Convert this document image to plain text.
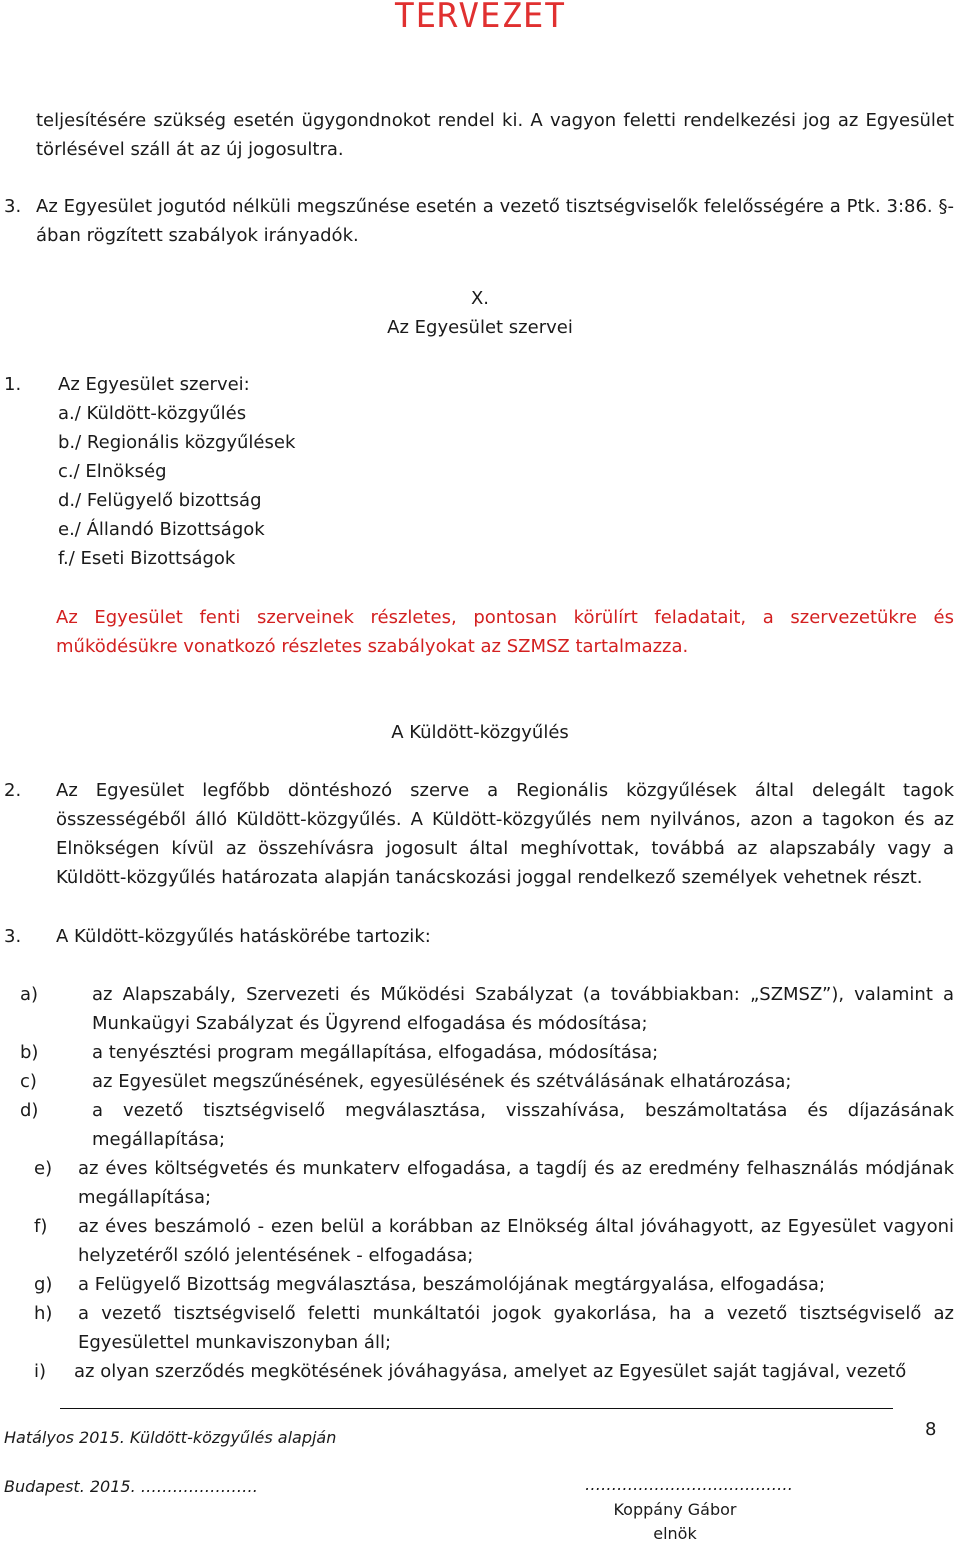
TERVEZET
teljesítésére szükség esetén ügygondnokot rendel ki. A vagyon feletti rendelkezési jog az Egyesület törlésével száll át az új jogosultra.
3. Az Egyesület jogutód nélküli megszűnése esetén a vezető tisztségviselők felelősségére a Ptk. 3:86. §-ában rögzített szabályok irányadók.
X.
Az Egyesület szervei
1. Az Egyesület szervei:
a./ Küldött-közgyűlés
b./ Regionális közgyűlések
c./ Elnökség
d./ Felügyelő bizottság
e./ Állandó Bizottságok
f./ Eseti Bizottságok
Az Egyesület fenti szerveinek részletes, pontosan körülírt feladatait, a szervezetükre és működésükre vonatkozó részletes szabályokat az SZMSZ tartalmazza.
A Küldött-közgyűlés
2. Az Egyesület legfőbb döntéshozó szerve a Regionális közgyűlések által delegált tagok összességéből álló Küldött-közgyűlés. A Küldött-közgyűlés nem nyilvános, azon a tagokon és az Elnökségen kívül az összehívásra jogosult által meghívottak, továbbá az alapszabály vagy a Küldött-közgyűlés határozata alapján tanácskozási joggal rendelkező személyek vehetnek részt.
3. A Küldött-közgyűlés hatáskörébe tartozik:
a)	az Alapszabály, Szervezeti és Működési Szabályzat (a továbbiakban: „SZMSZ”), valamint a Munkaügyi Szabályzat és Ügyrend elfogadása és módosítása;
b)	a tenyésztési program megállapítása, elfogadása, módosítása;
c)	az Egyesület megszűnésének, egyesülésének és szétválásának elhatározása;
d)	a vezető tisztségviselő megválasztása, visszahívása, beszámoltatása és díjazásának megállapítása;
e) az éves költségvetés és munkaterv elfogadása, a tagdíj és az eredmény felhasználás módjának megállapítása;
f) az éves beszámoló - ezen belül a korábban az Elnökség által jóváhagyott, az Egyesület vagyoni helyzetéről szóló jelentésének - elfogadása;
g) a Felügyelő Bizottság megválasztása, beszámolójának megtárgyalása, elfogadása;
h) a vezető tisztségviselő feletti munkáltatói jogok gyakorlása, ha a vezető tisztségviselő az Egyesülettel munkaviszonyban áll;
i) az olyan szerződés megkötésének jóváhagyása, amelyet az Egyesület saját tagjával, vezető
Hatályos 2015. Küldött-közgyűlés alapján	8
Budapest. 2015. ………………….	…………………………………
Koppány Gábor
elnök
